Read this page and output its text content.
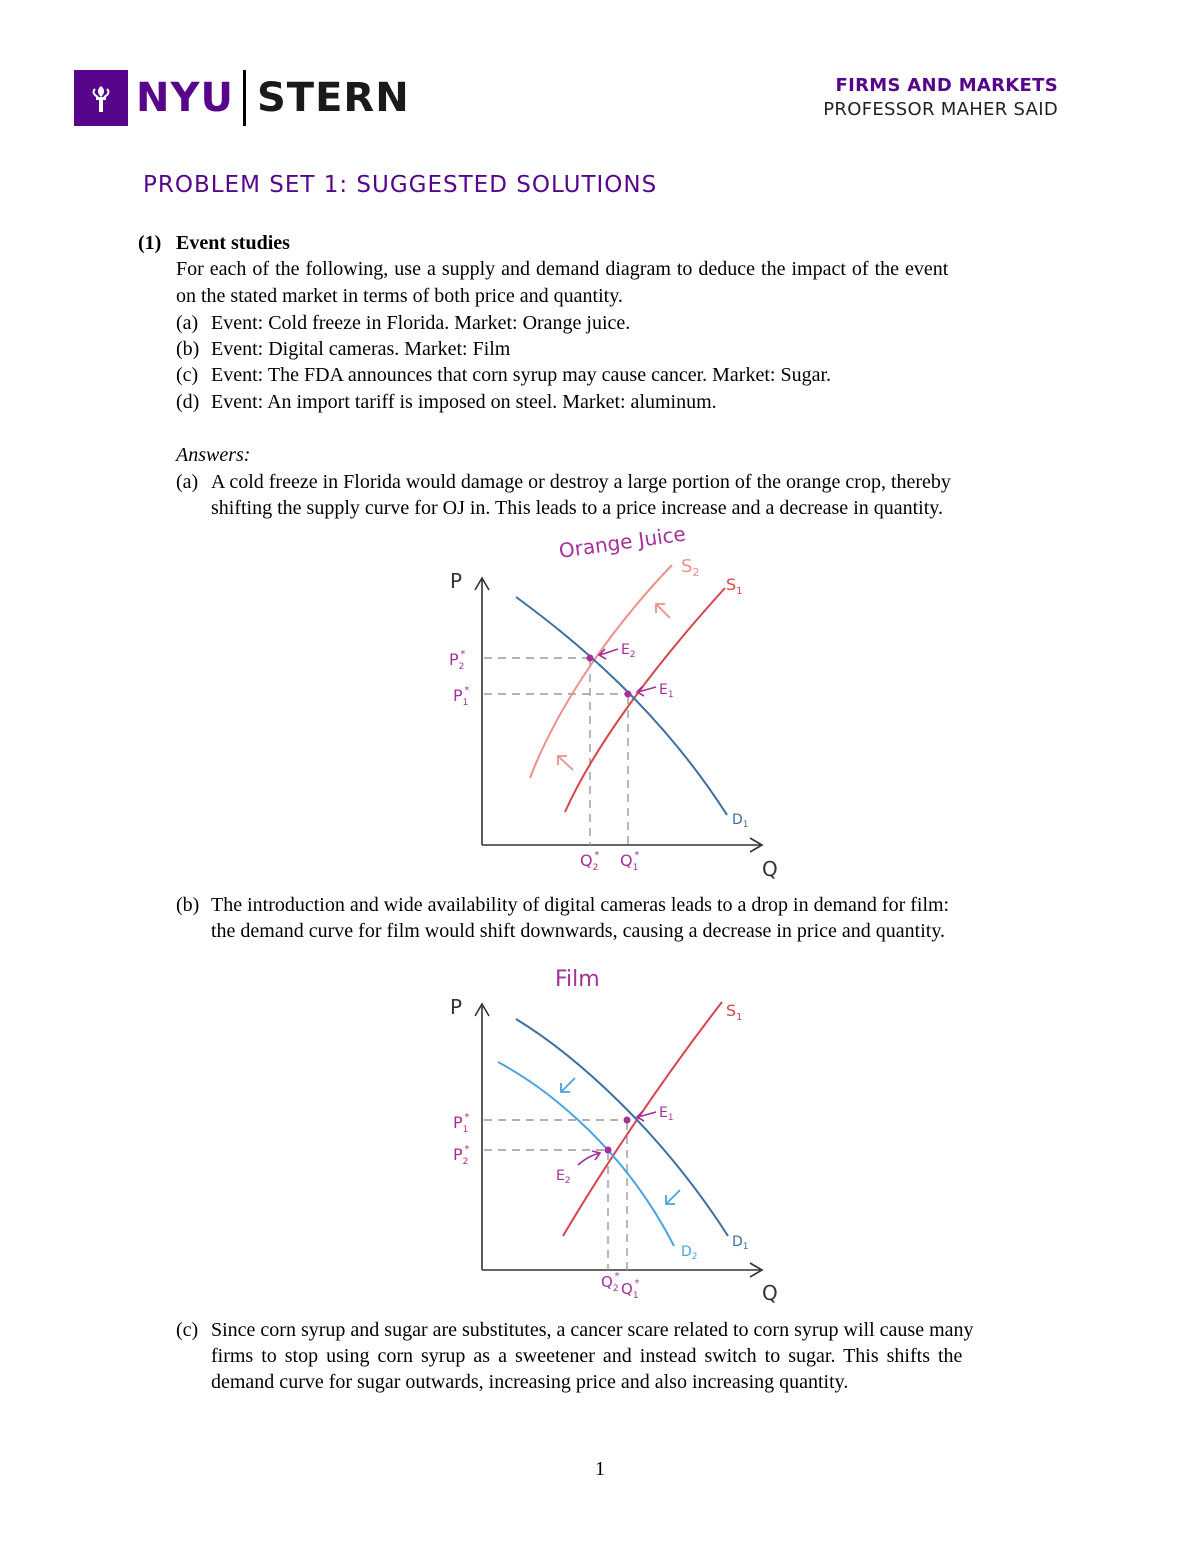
NYU STERN	FIRMS AND MARKETS
PROFESSOR MAHER SAID
PROBLEM SET 1: SUGGESTED SOLUTIONS
(1) Event studies
For each of the following, use a supply and demand diagram to deduce the impact of the event
on the stated market in terms of both price and quantity.
(a) Event: Cold freeze in Florida. Market: Orange juice.
(b) Event: Digital cameras. Market: Film
(c) Event: The FDA announces that corn syrup may cause cancer. Market: Sugar.
(d) Event: An import tariff is imposed on steel. Market: aluminum.
Answers:
(a) A cold freeze in Florida would damage or destroy a large portion of the orange crop, thereby
shifting the supply curve for OJ in. This leads to a price increase and a decrease in quantity.
Orange Juice
P
Q
$S_2$
$S_1$
$D_1$
$E_2$
$E_1$
$P_2*$
$P_1*$
$Q_2*$ $Q_1*$
(b) The introduction and wide availability of digital cameras leads to a drop in demand for film:
the demand curve for film would shift downwards, causing a decrease in price and quantity.
Film
P
Q
$S_1$
$D_1$
$D_2$
$E_1$
$E_2$
$P_1*$
$P_2*$
$Q_2*$
$Q_1*$
(c) Since corn syrup and sugar are substitutes, a cancer scare related to corn syrup will cause many
firms to stop using corn syrup as a sweetener and instead switch to sugar. This shifts the
demand curve for sugar outwards, increasing price and also increasing quantity.
1
